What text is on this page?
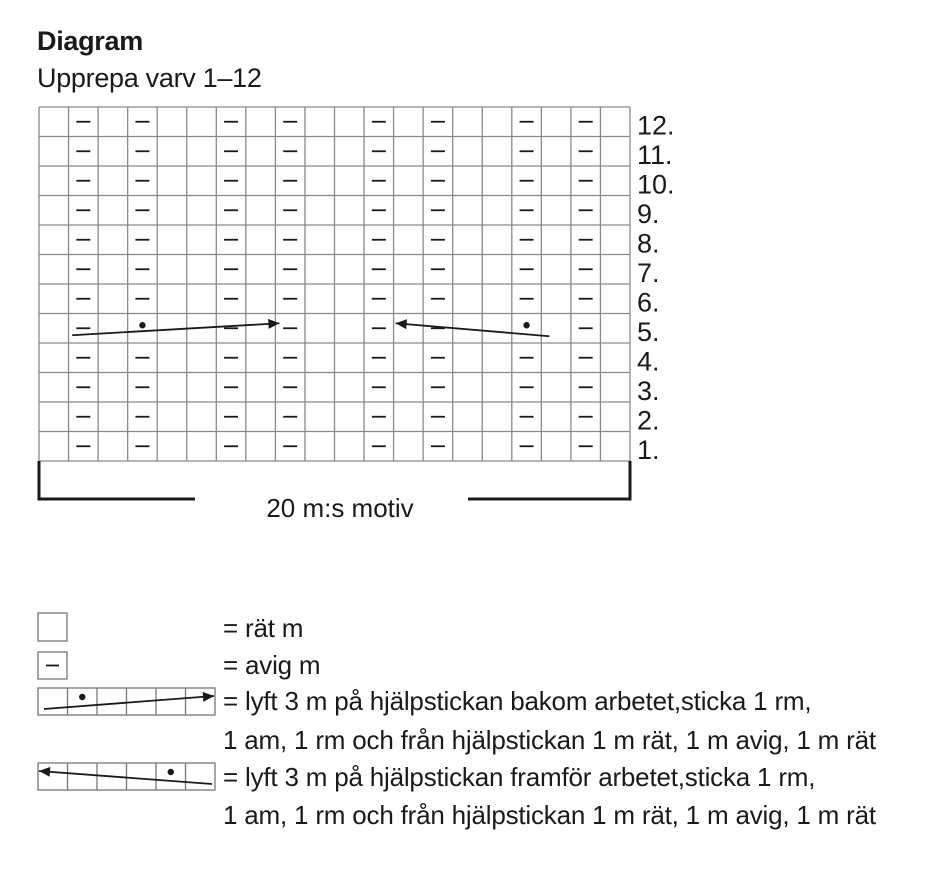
Diagram
Upprepa varv 1–12
1.
2.
3.
4.
5.
6.
7.
8.
9.
10.
11.
12.
20 m:s motiv
= rät m
= avig m
= lyft 3 m på hjälpstickan bakom arbetet,sticka 1 rm,
1 am, 1 rm och från hjälpstickan 1 m rät, 1 m avig, 1 m rät
= lyft 3 m på hjälpstickan framför arbetet,sticka 1 rm,
1 am, 1 rm och från hjälpstickan 1 m rät, 1 m avig, 1 m rät
